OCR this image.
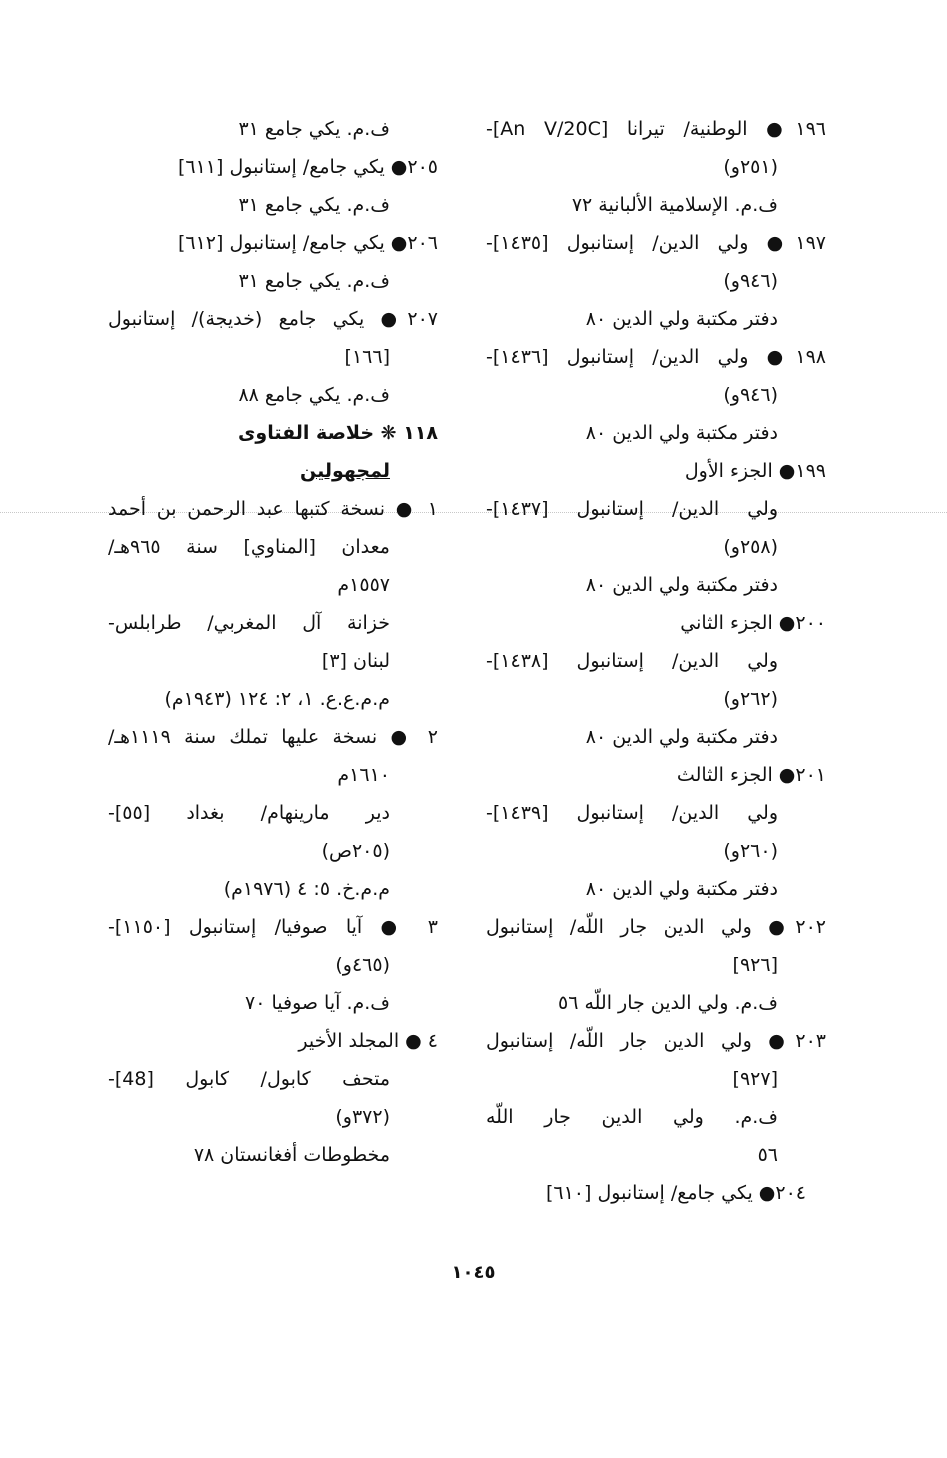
١٩٦● الوطنية/ تيرانا [An V/20C]-
(٢٥١و)
ف.م. الإسلامية الألبانية ٧٢
١٩٧● ولي الدين/ إستانبول [١٤٣٥]-
(٩٤٦و)
دفتر مكتبة ولي الدين ٨٠
١٩٨● ولي الدين/ إستانبول [١٤٣٦]-
(٩٤٦و)
دفتر مكتبة ولي الدين ٨٠
١٩٩● الجزء الأول
ولي الدين/ إستانبول [١٤٣٧]-
(٢٥٨و)
دفتر مكتبة ولي الدين ٨٠
٢٠٠● الجزء الثاني
ولي الدين/ إستانبول [١٤٣٨]-
(٢٦٢و)
دفتر مكتبة ولي الدين ٨٠
٢٠١● الجزء الثالث
ولي الدين/ إستانبول [١٤٣٩]-
(٢٦٠و)
دفتر مكتبة ولي الدين ٨٠
٢٠٢● ولي الدين جار اللّه/ إستانبول
[٩٢٦]
ف.م. ولي الدين جار اللّه ٥٦
٢٠٣● ولي الدين جار اللّه/ إستانبول
[٩٢٧]
ف.م. ولي الدين جار اللّه
٥٦
٢٠٤● يكي جامع/ إستانبول [٦١٠]
ف.م. يكي جامع ٣١
٢٠٥● يكي جامع/ إستانبول [٦١١]
ف.م. يكي جامع ٣١
٢٠٦● يكي جامع/ إستانبول [٦١٢]
ف.م. يكي جامع ٣١
٢٠٧● يكي جامع (خديجة)/ إستانبول
[١٦٦]
ف.م. يكي جامع ٨٨
١١٨ ❋ خلاصة الفتاوى
لمجهولين
١ ● نسخة كتبها عبد الرحمن بن أحمد
معدان [المناوي] سنة ٩٦٥هـ/
١٥٥٧م
خزانة آل المغربي/ طرابلس-
لبنان [٣]
م.م.ع.ع. ١، ٢: ١٢٤ (١٩٤٣م)
٢ ● نسخة عليها تملك سنة ١١١٩هـ/
١٦١٠م
دير مارينهام/ بغداد [٥٥]-
(٢٠٥ص)
م.م.خ. ٥: ٤ (١٩٧٦م)
٣ ● آيا صوفيا/ إستانبول [١١٥٠]-
(٤٦٥و)
ف.م. آيا صوفيا ٧٠
٤ ● المجلد الأخير
متحف كابول/ كابول [48]-
(٣٧٢و)
مخطوطات أفغانستان ٧٨
١٠٤٥
